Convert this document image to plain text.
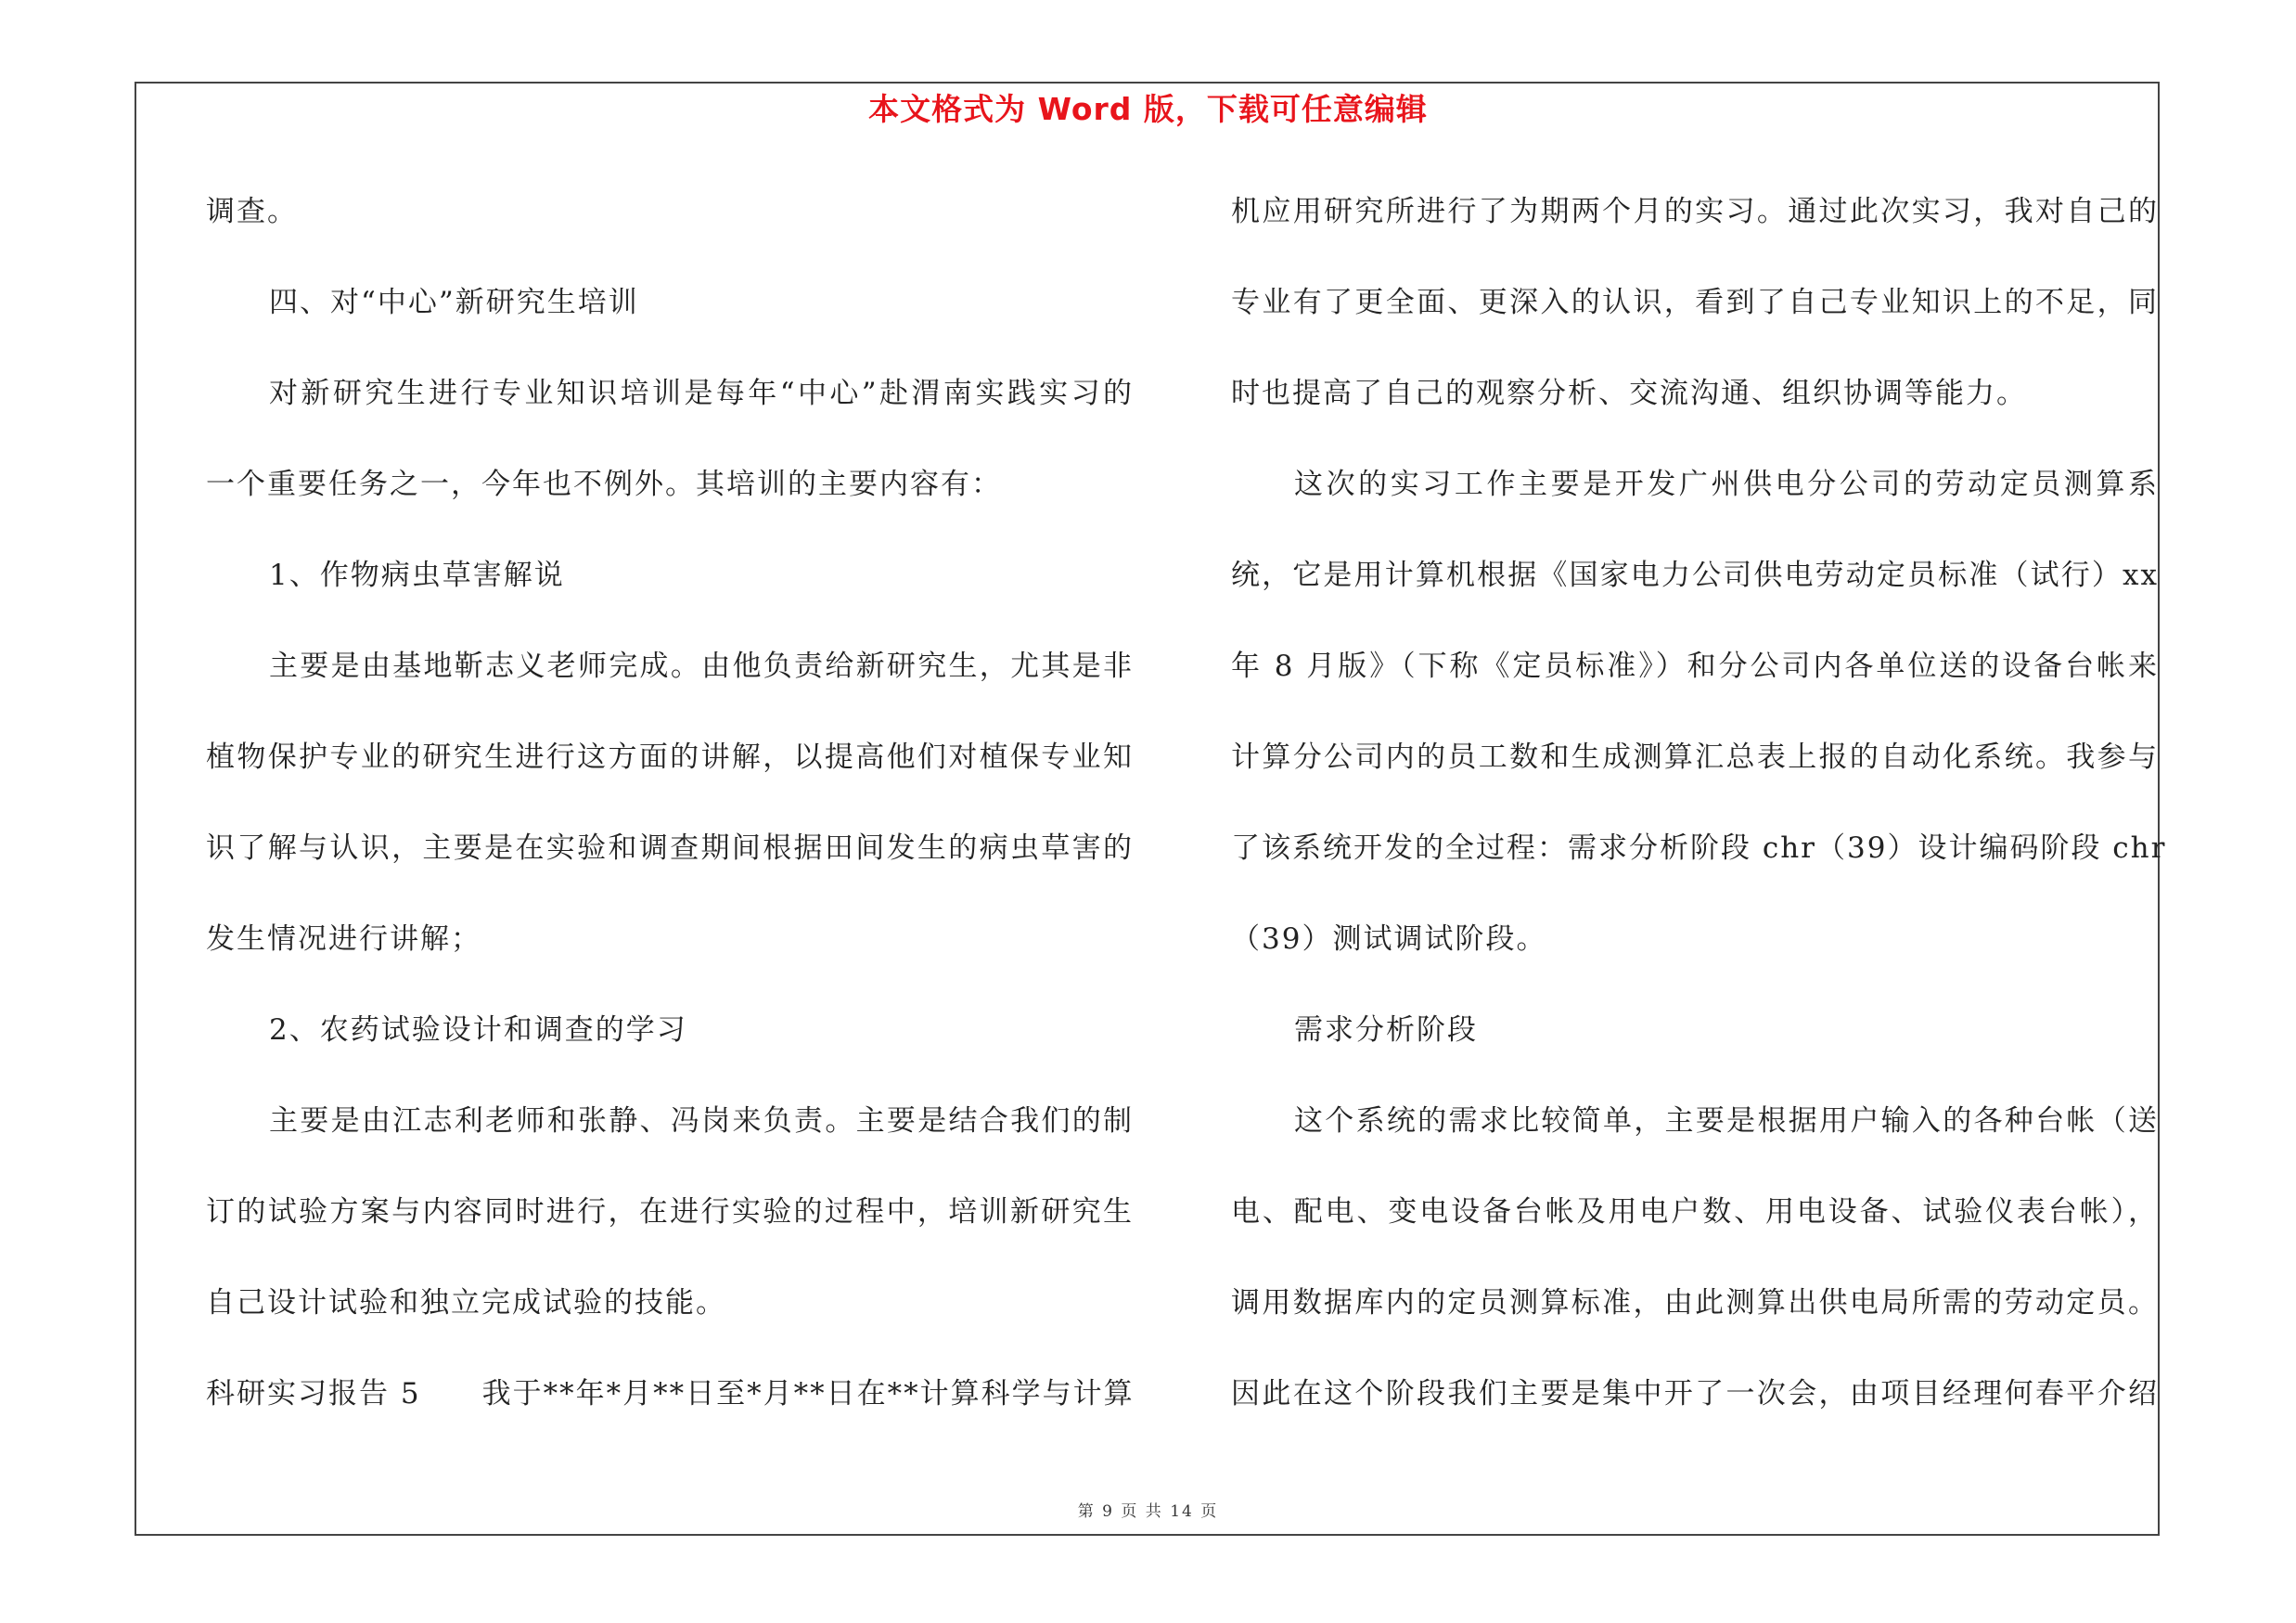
本文格式为 Word 版，下载可任意编辑
调查。
四、对“中心”新研究生培训
对新研究生进行专业知识培训是每年“中心”赴渭南实践实习的
一个重要任务之一，今年也不例外。其培训的主要内容有：
1、作物病虫草害解说
主要是由基地靳志义老师完成。由他负责给新研究生，尤其是非
植物保护专业的研究生进行这方面的讲解，以提高他们对植保专业知
识了解与认识，主要是在实验和调查期间根据田间发生的病虫草害的
发生情况进行讲解；
2、农药试验设计和调查的学习
主要是由江志利老师和张静、冯岗来负责。主要是结合我们的制
订的试验方案与内容同时进行，在进行实验的过程中，培训新研究生
自己设计试验和独立完成试验的技能。
科研实习报告 5　　我于**年*月**日至*月**日在**计算科学与计算
机应用研究所进行了为期两个月的实习。通过此次实习，我对自己的
专业有了更全面、更深入的认识，看到了自己专业知识上的不足，同
时也提高了自己的观察分析、交流沟通、组织协调等能力。
这次的实习工作主要是开发广州供电分公司的劳动定员测算系
统，它是用计算机根据《国家电力公司供电劳动定员标准（试行）xx
年 8 月版》（下称《定员标准》）和分公司内各单位送的设备台帐来
计算分公司内的员工数和生成测算汇总表上报的自动化系统。我参与
了该系统开发的全过程：需求分析阶段 chr（39）设计编码阶段 chr
（39）测试调试阶段。
需求分析阶段
这个系统的需求比较简单，主要是根据用户输入的各种台帐（送
电、配电、变电设备台帐及用电户数、用电设备、试验仪表台帐），
调用数据库内的定员测算标准，由此测算出供电局所需的劳动定员。
因此在这个阶段我们主要是集中开了一次会，由项目经理何春平介绍
第 9 页 共 14 页
